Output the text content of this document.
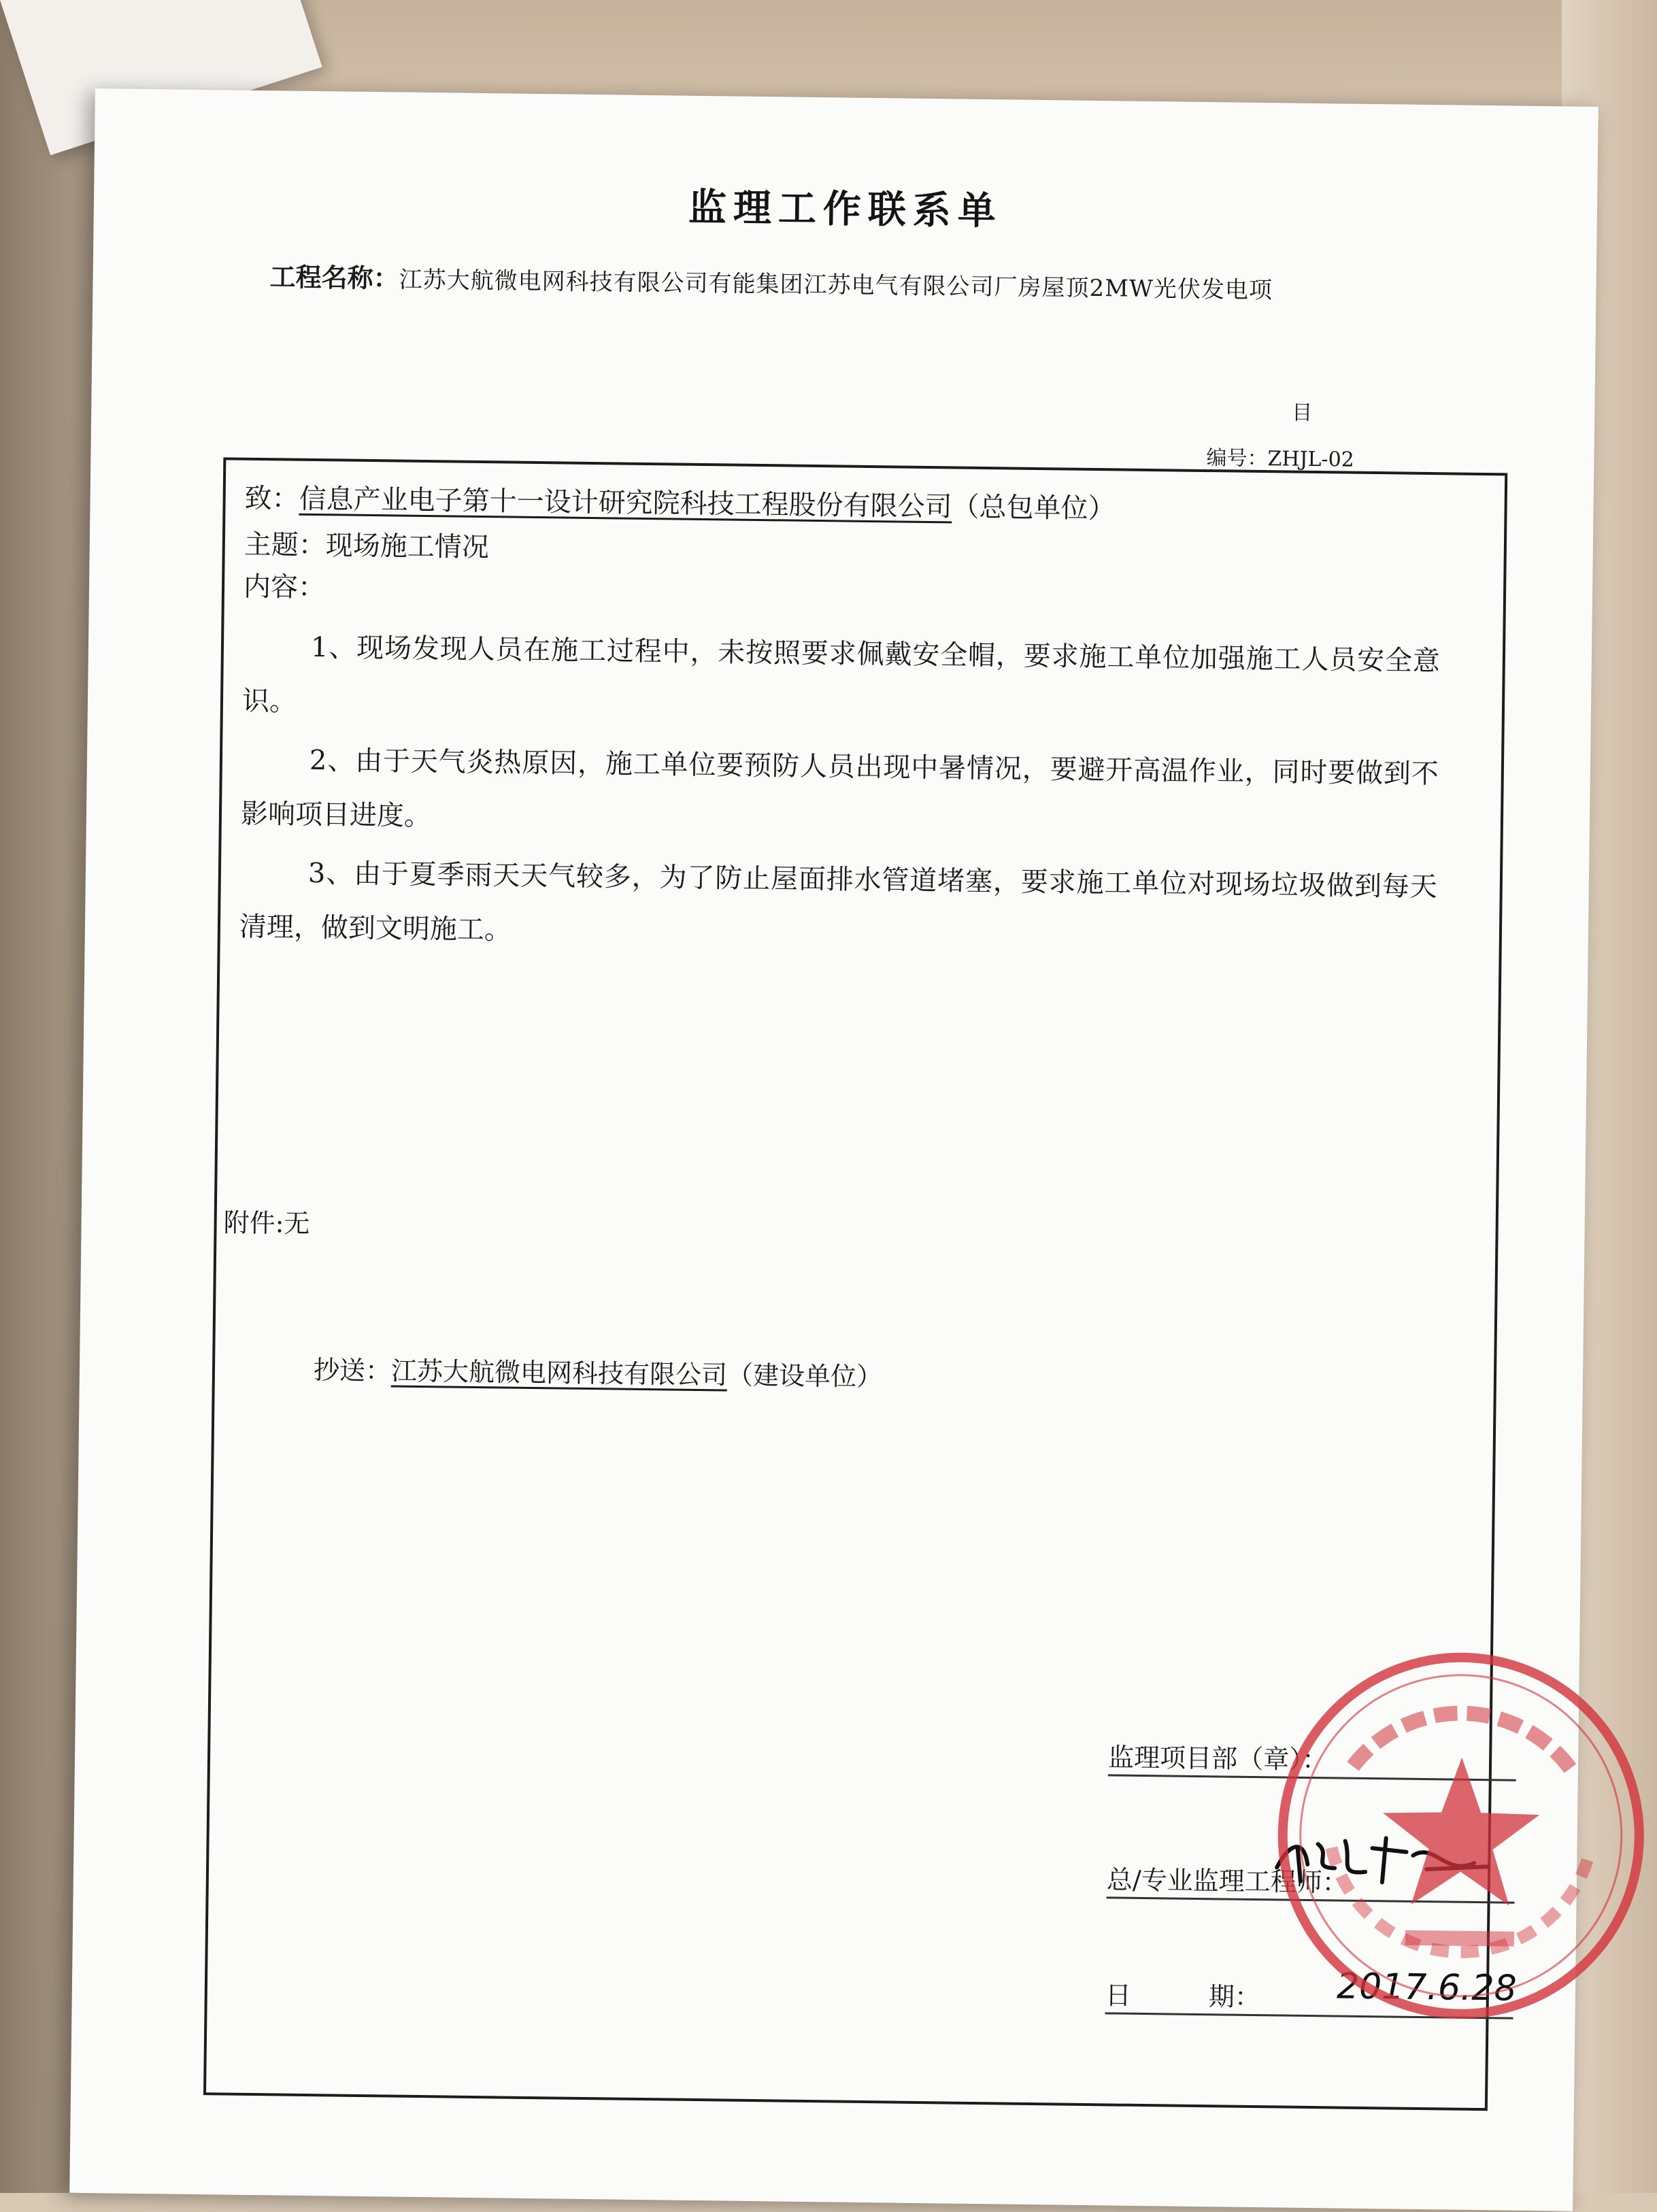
监理工作联系单
工程名称：江苏大航微电网科技有限公司有能集团江苏电气有限公司厂房屋顶2MW光伏发电项
目
编号：ZHJL-02
致：信息产业电子第十一设计研究院科技工程股份有限公司（总包单位）
主题：现场施工情况
内容：
1、现场发现人员在施工过程中，未按照要求佩戴安全帽，要求施工单位加强施工人员安全意识。
2、由于天气炎热原因，施工单位要预防人员出现中暑情况，要避开高温作业，同时要做到不影响项目进度。
3、由于夏季雨天天气较多，为了防止屋面排水管道堵塞，要求施工单位对现场垃圾做到每天清理，做到文明施工。
附件:无
抄送：江苏大航微电网科技有限公司（建设单位）
监理项目部（章）：
总/专业监理工程师：
日　　　期： 2017.6.28
